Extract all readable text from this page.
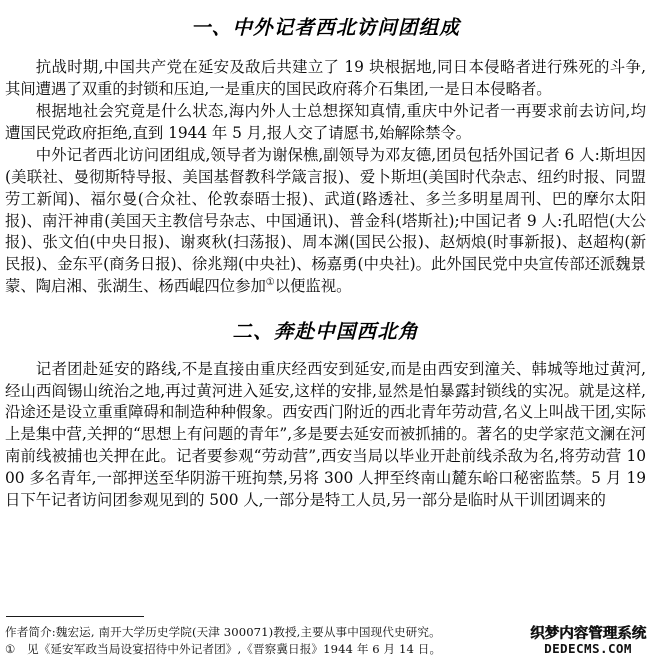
一、中外记者西北访问团组成

抗战时期,中国共产党在延安及敌后共建立了 19 块根据地,同日本侵略者进行殊死的斗争,其间遭遇了双重的封锁和压迫,一是重庆的国民政府蒋介石集团,一是日本侵略者。

根据地社会究竟是什么状态,海内外人士总想探知真情,重庆中外记者一再要求前去访问,均遭国民党政府拒绝,直到 1944 年 5 月,报人交了请愿书,始解除禁令。

中外记者西北访问团组成,领导者为谢保樵,副领导为邓友德,团员包括外国记者 6 人:斯坦因(美联社、曼彻斯特导报、美国基督教科学箴言报)、爱卜斯坦(美国时代杂志、纽约时报、同盟劳工新闻)、福尔曼(合众社、伦敦泰晤士报)、武道(路透社、多兰多明星周刊、巴的摩尔太阳报)、南汗神甫(美国天主教信号杂志、中国通讯)、普金科(塔斯社);中国记者 9 人:孔昭恺(大公报)、张文伯(中央日报)、谢爽秋(扫荡报)、周本渊(国民公报)、赵炳烺(时事新报)、赵超构(新民报)、金东平(商务日报)、徐兆翔(中央社)、杨嘉勇(中央社)。此外国民党中央宣传部还派魏景蒙、陶启湘、张湖生、杨西崐四位参加①以便监视。

二、奔赴中国西北角

记者团赴延安的路线,不是直接由重庆经西安到延安,而是由西安到潼关、韩城等地过黄河,经山西阎锡山统治之地,再过黄河进入延安,这样的安排,显然是怕暴露封锁线的实况。就是这样,沿途还是设立重重障碍和制造种种假象。西安西门附近的西北青年劳动营,名义上叫战干团,实际上是集中营,关押的“思想上有问题的青年”,多是要去延安而被抓捕的。著名的史学家范文澜在河南前线被捕也关押在此。记者要参观“劳动营”,西安当局以毕业开赴前线杀敌为名,将劳动营 1000 多名青年,一部押送至华阴游干班拘禁,另将 300 人押至终南山麓东峪口秘密监禁。5 月 19 日下午记者访问团参观见到的 500 人,一部分是特工人员,另一部分是临时从干训团调来的

作者简介:魏宏运, 南开大学历史学院(天津 300071)教授,主要从事中国现代史研究。
① 见《延安军政当局设宴招待中外记者团》,《晋察冀日报》1944 年 6 月 14 日。
织梦内容管理系统
DEDECMS.COM
